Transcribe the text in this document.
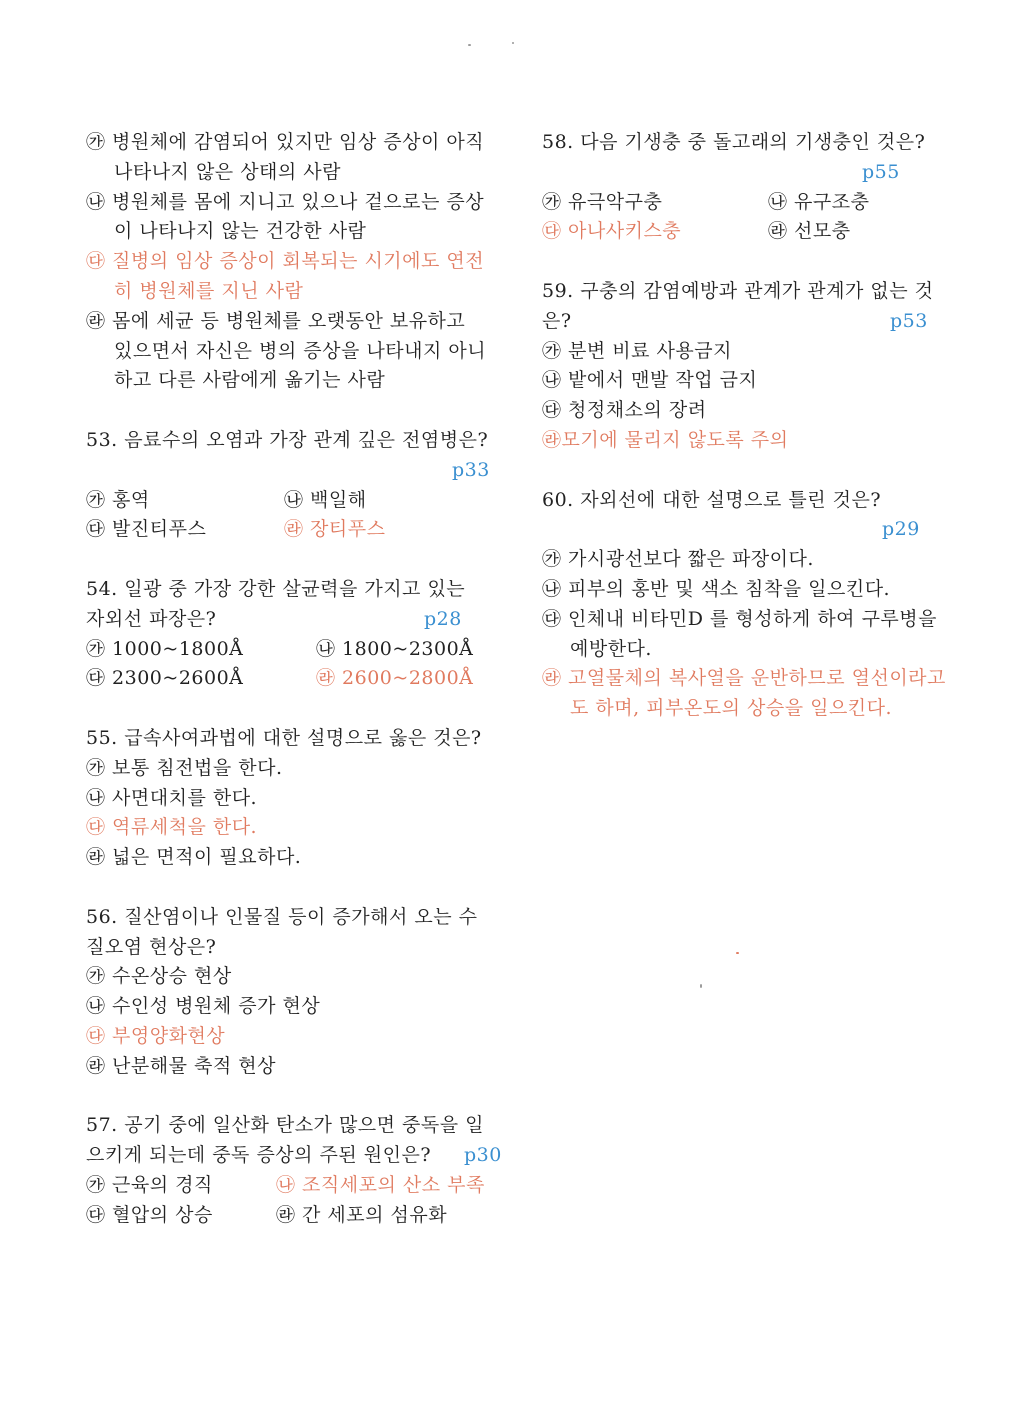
㉮ 병원체에 감염되어 있지만 임상 증상이 아직
나타나지 않은 상태의 사람
㉯ 병원체를 몸에 지니고 있으나 겉으로는 증상
이 나타나지 않는 건강한 사람
㉰ 질병의 임상 증상이 회복되는 시기에도 연전
히 병원체를 지닌 사람
㉱ 몸에 세균 등 병원체를 오랫동안 보유하고
있으면서 자신은 병의 증상을 나타내지 아니
하고 다른 사람에게 옮기는 사람
53. 음료수의 오염과 가장 관계 깊은 전염병은?
p33
㉮ 홍역	㉯ 백일해
㉰ 발진티푸스	㉱ 장티푸스
54. 일광 중 가장 강한 살균력을 가지고 있는
자외선 파장은?	p28
㉮ 1000~1800Å	㉯ 1800~2300Å
㉰ 2300~2600Å	㉱ 2600~2800Å
55. 급속사여과법에 대한 설명으로 옳은 것은?
㉮ 보통 침전법을 한다.
㉯ 사면대치를 한다.
㉰ 역류세척을 한다.
㉱ 넓은 면적이 필요하다.
56. 질산염이나 인물질 등이 증가해서 오는 수
질오염 현상은?
㉮ 수온상승 현상
㉯ 수인성 병원체 증가 현상
㉰ 부영양화현상
㉱ 난분해물 축적 현상
57. 공기 중에 일산화 탄소가 많으면 중독을 일
으키게 되는데 중독 증상의 주된 원인은? p30
㉮ 근육의 경직	㉯ 조직세포의 산소 부족
㉰ 혈압의 상승	㉱ 간 세포의 섬유화
58. 다음 기생충 중 돌고래의 기생충인 것은?
p55
㉮ 유극악구충	㉯ 유구조충
㉰ 아나사키스충	㉱ 선모충
59. 구충의 감염예방과 관계가 관계가 없는 것
은?	p53
㉮ 분변 비료 사용금지
㉯ 밭에서 맨발 작업 금지
㉰ 청정채소의 장려
㉱모기에 물리지 않도록 주의
60. 자외선에 대한 설명으로 틀린 것은?
p29
㉮ 가시광선보다 짧은 파장이다.
㉯ 피부의 홍반 및 색소 침착을 일으킨다.
㉰ 인체내 비타민D 를 형성하게 하여 구루병을
예방한다.
㉱ 고열물체의 복사열을 운반하므로 열선이라고
도 하며, 피부온도의 상승을 일으킨다.
